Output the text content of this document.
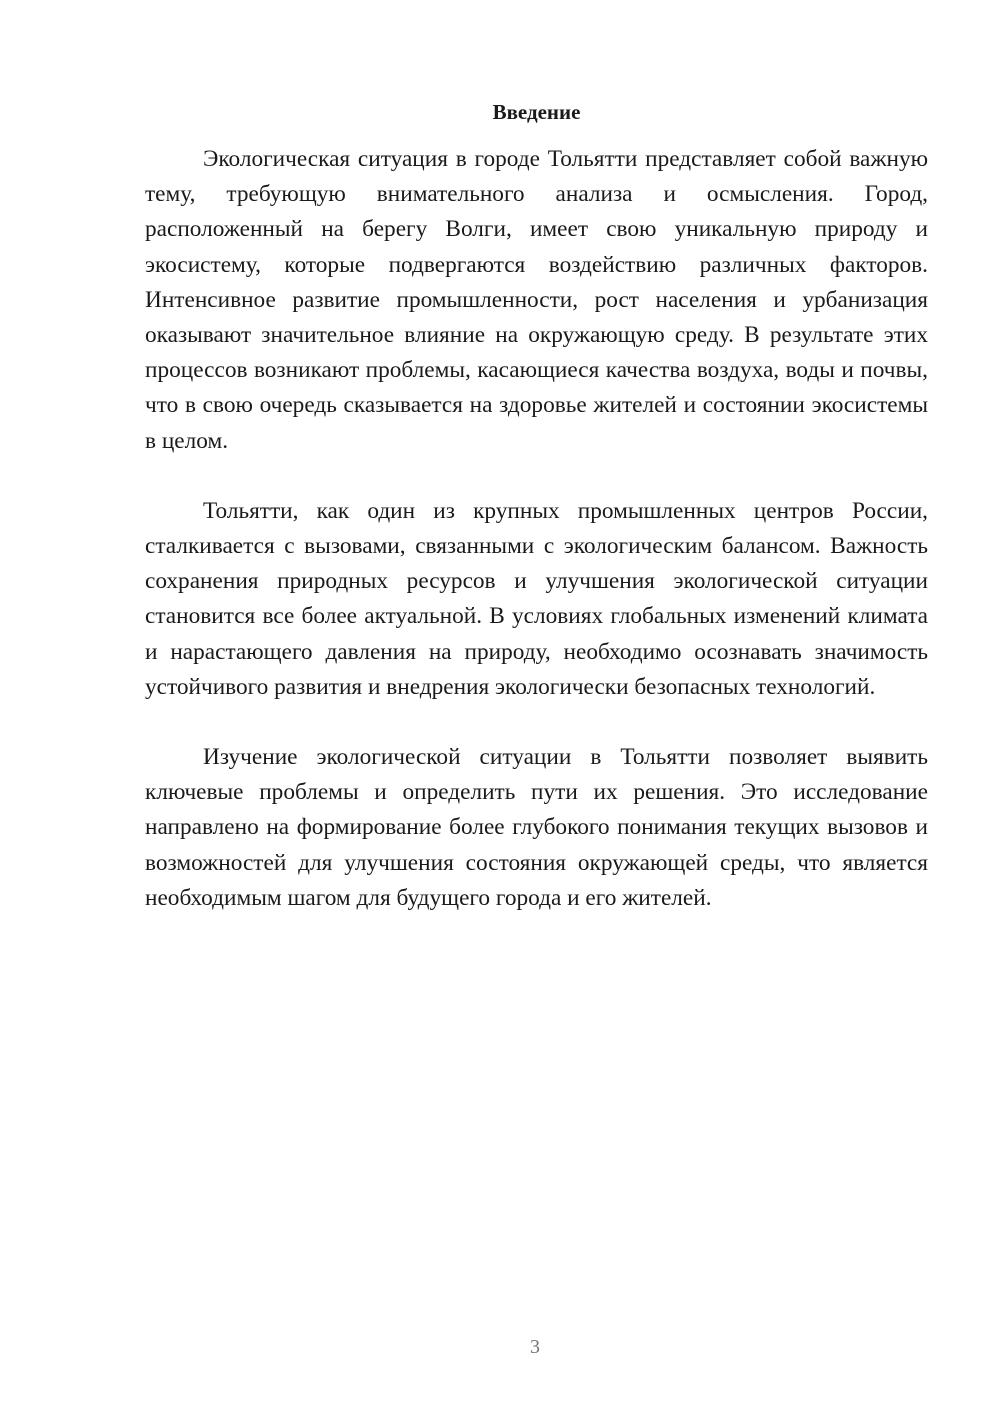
Введение

Экологическая ситуация в городе Тольятти представляет собой важную тему, требующую внимательного анализа и осмысления. Город, расположенный на берегу Волги, имеет свою уникальную природу и экосистему, которые подвергаются воздействию различных факторов. Интенсивное развитие промышленности, рост населения и урбанизация оказывают значительное влияние на окружающую среду. В результате этих процессов возникают проблемы, касающиеся качества воздуха, воды и почвы, что в свою очередь сказывается на здоровье жителей и состоянии экосистемы в целом.

Тольятти, как один из крупных промышленных центров России, сталкивается с вызовами, связанными с экологическим балансом. Важность сохранения природных ресурсов и улучшения экологической ситуации становится все более актуальной. В условиях глобальных изменений климата и нарастающего давления на природу, необходимо осознавать значимость устойчивого развития и внедрения экологически безопасных технологий.

Изучение экологической ситуации в Тольятти позволяет выявить ключевые проблемы и определить пути их решения. Это исследование направлено на формирование более глубокого понимания текущих вызовов и возможностей для улучшения состояния окружающей среды, что является необходимым шагом для будущего города и его жителей.

3
